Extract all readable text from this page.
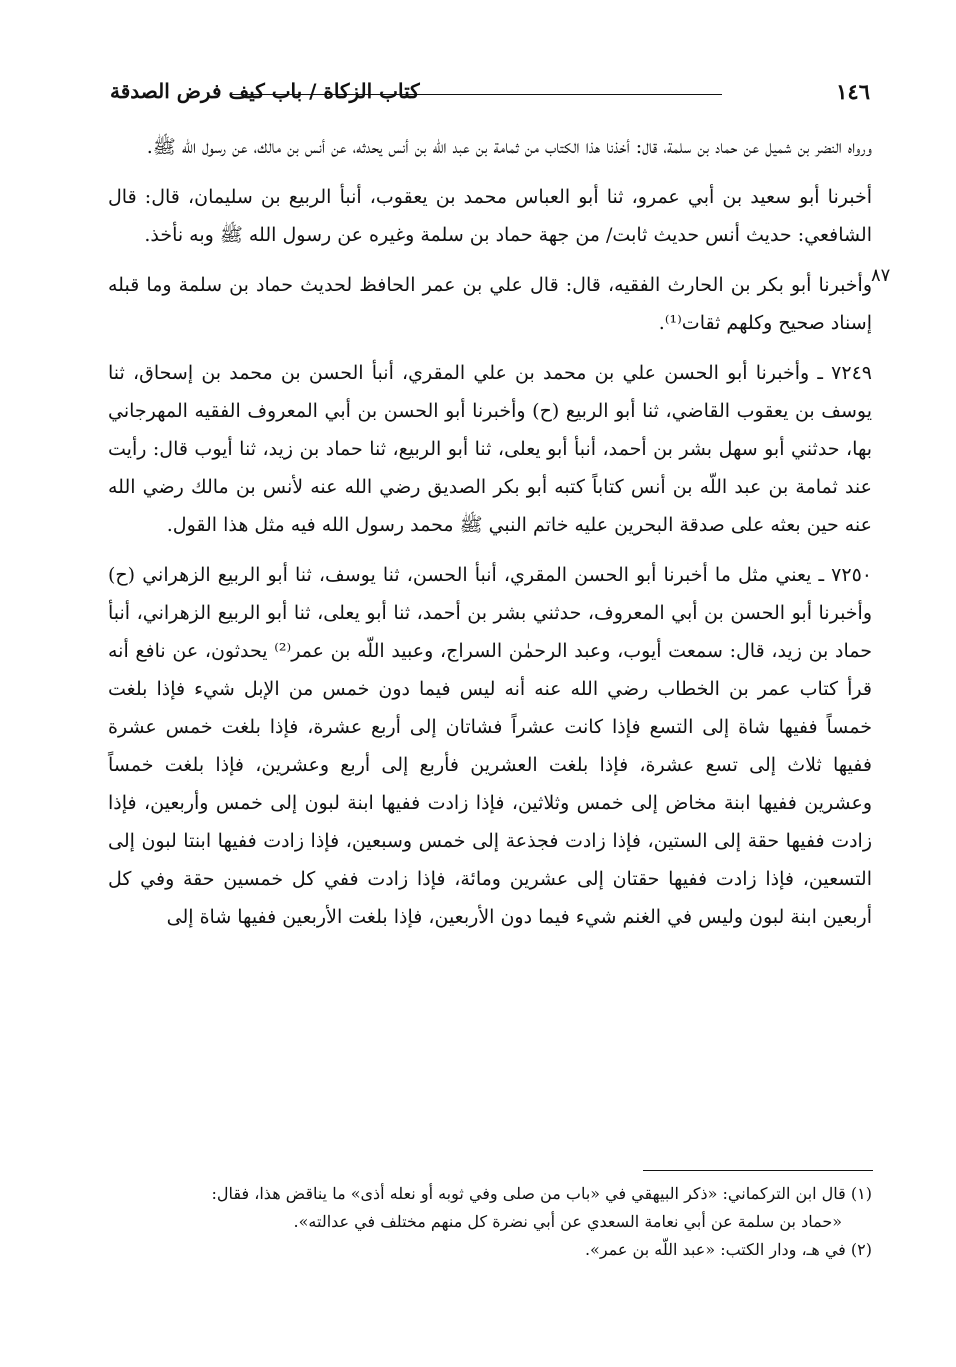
١٤٦
كتاب الزكاة / باب كيف فرض الصدقة

ورواه النضر بن شميل عن حماد بن سلمة، قال: أخذنا هذا الكتاب من ثمامة بن عبد اللّه بن أنس يحدثه، عن أنس بن مالك، عن رسول الله ﷺ.

أخبرنا أبو سعيد بن أبي عمرو، ثنا أبو العباس محمد بن يعقوب، أنبأ الربيع بن سليمان، قال: قال الشافعي: حديث أنس حديث ثابت/ من جهة حماد بن سلمة وغيره عن رسول الله ﷺ وبه نأخذ.

وأخبرنا أبو بكر بن الحارث الفقيه، قال: قال علي بن عمر الحافظ لحديث حماد بن سلمة وما قبله إسناد صحيح وكلهم ثقات⁽¹⁾.

٧٢٤٩ ـ وأخبرنا أبو الحسن علي بن محمد بن علي المقري، أنبأ الحسن بن محمد بن إسحاق، ثنا يوسف بن يعقوب القاضي، ثنا أبو الربيع (ح) وأخبرنا أبو الحسن بن أبي المعروف الفقيه المهرجاني بها، حدثني أبو سهل بشر بن أحمد، أنبأ أبو يعلى، ثنا أبو الربيع، ثنا حماد بن زيد، ثنا أيوب قال: رأيت عند ثمامة بن عبد اللّه بن أنس كتاباً كتبه أبو بكر الصديق رضي الله عنه لأنس بن مالك رضي الله عنه حين بعثه على صدقة البحرين عليه خاتم النبي ﷺ محمد رسول الله فيه مثل هذا القول.

٧٢٥٠ ـ يعني مثل ما أخبرنا أبو الحسن المقري، أنبأ الحسن، ثنا يوسف، ثنا أبو الربيع الزهراني (ح) وأخبرنا أبو الحسن بن أبي المعروف، حدثني بشر بن أحمد، ثنا أبو يعلى، ثنا أبو الربيع الزهراني، أنبأ حماد بن زيد، قال: سمعت أيوب، وعبد الرحمٰن السراج، وعبيد اللّه بن عمر⁽²⁾ يحدثون، عن نافع أنه قرأ كتاب عمر بن الخطاب رضي الله عنه أنه ليس فيما دون خمس من الإبل شيء فإذا بلغت خمساً ففيها شاة إلى التسع فإذا كانت عشراً فشاتان إلى أربع عشرة، فإذا بلغت خمس عشرة ففيها ثلاث إلى تسع عشرة، فإذا بلغت العشرين فأربع إلى أربع وعشرين، فإذا بلغت خمساً وعشرين ففيها ابنة مخاض إلى خمس وثلاثين، فإذا زادت ففيها ابنة لبون إلى خمس وأربعين، فإذا زادت ففيها حقة إلى الستين، فإذا زادت فجذعة إلى خمس وسبعين، فإذا زادت ففيها ابنتا لبون إلى التسعين، فإذا زادت ففيها حقتان إلى عشرين ومائة، فإذا زادت ففي كل خمسين حقة وفي كل أربعين ابنة لبون وليس في الغنم شيء فيما دون الأربعين، فإذا بلغت الأربعين ففيها شاة إلى

٨٧

(١) قال ابن التركماني: «ذكر البيهقي في «باب من صلى وفي ثوبه أو نعله أذى» ما يناقض هذا، فقال:

«حماد بن سلمة عن أبي نعامة السعدي عن أبي نضرة كل منهم مختلف في عدالته».

(٢) في هـ، ودار الكتب: «عبد اللّه بن عمر».
